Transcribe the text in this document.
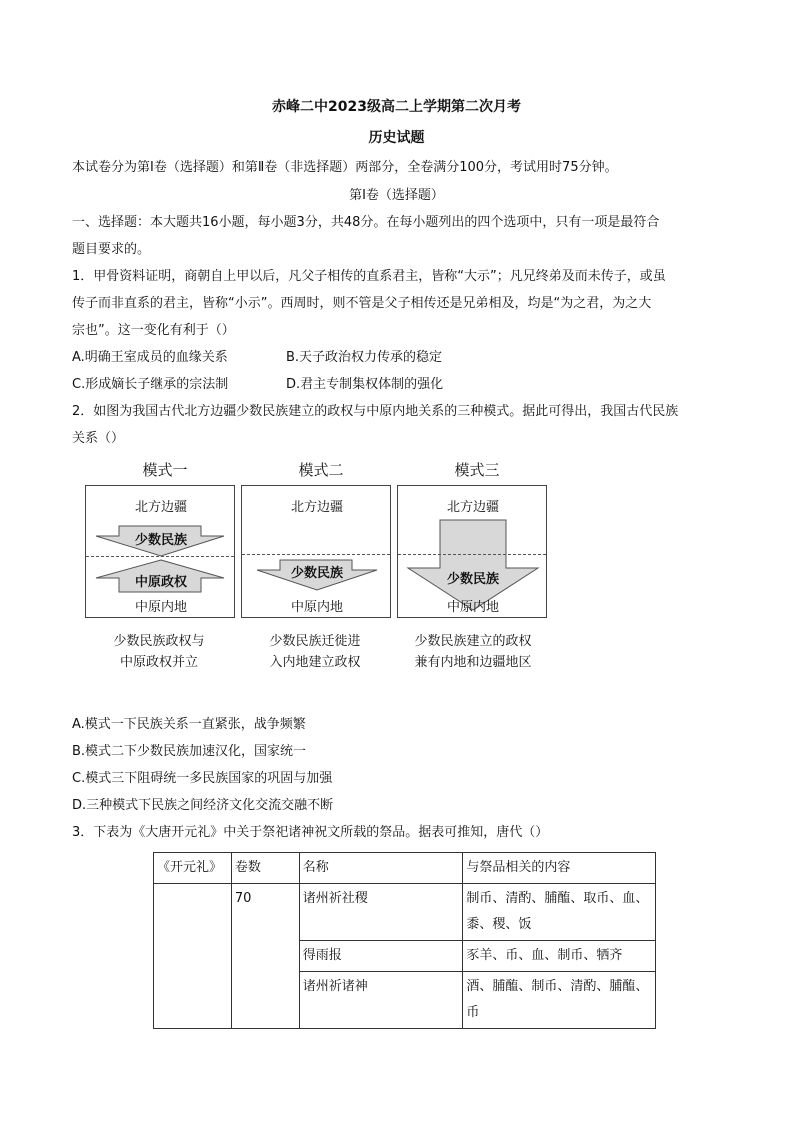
赤峰二中2023级高二上学期第二次月考
历史试题
本试卷分为第Ⅰ卷（选择题）和第Ⅱ卷（非选择题）两部分，全卷满分100分，考试用时75分钟。
第Ⅰ卷（选择题）
一、选择题：本大题共16小题，每小题3分，共48分。在每小题列出的四个选项中，只有一项是最符合
题目要求的。
1．甲骨资料证明，商朝自上甲以后，凡父子相传的直系君主，皆称“大示”；凡兄终弟及而未传子，或虽
传子而非直系的君主，皆称“小示”。西周时，则不管是父子相传还是兄弟相及，均是“为之君，为之大
宗也”。这一变化有利于（）
A.明确王室成员的血缘关系	B.天子政治权力传承的稳定
C.形成嫡长子继承的宗法制	D.君主专制集权体制的强化
2．如图为我国古代北方边疆少数民族建立的政权与中原内地关系的三种模式。据此可得出，我国古代民族
关系（）
模式一
北方边疆
少数民族
中原政权
中原内地
少数民族政权与
中原政权并立
模式二
北方边疆
少数民族
中原内地
少数民族迁徙进
入内地建立政权
模式三
北方边疆
少数民族
中原内地
少数民族建立的政权
兼有内地和边疆地区
A.模式一下民族关系一直紧张，战争频繁
B.模式二下少数民族加速汉化，国家统一
C.模式三下阻碍统一多民族国家的巩固与加强
D.三种模式下民族之间经济文化交流交融不断
3．下表为《大唐开元礼》中关于祭祀诸神祝文所载的祭品。据表可推知，唐代（）
《开元礼》	卷数	名称	与祭品相关的内容
	70	诸州祈社稷	制币、清酌、脯醢、取币、血、
黍、稷、饭

		得雨报	豕羊、币、血、制币、牺齐
		诸州祈诸神	酒、脯醢、制币、清酌、脯醢、
币
